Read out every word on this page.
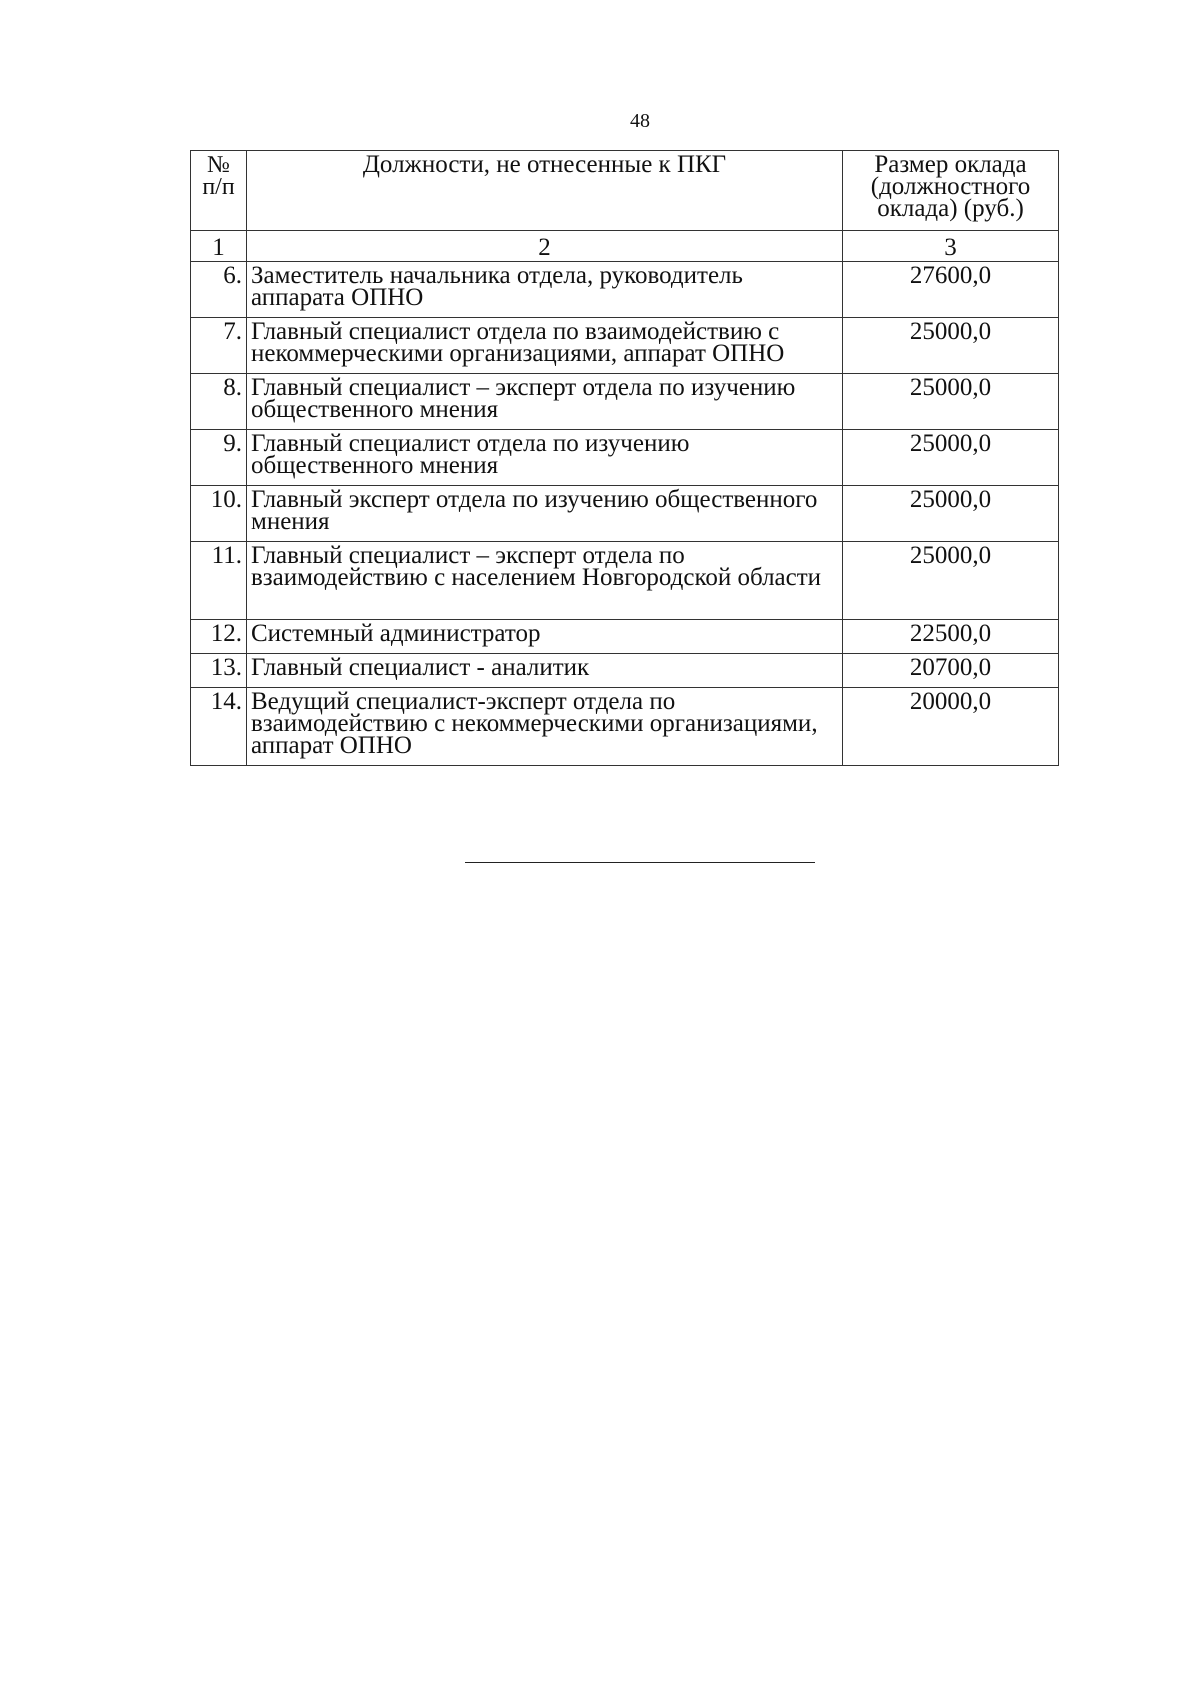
48
№ п/п	Должности, не отнесенные к ПКГ	Размер оклада (должностного оклада) (руб.)
1	2	3
6.	Заместитель начальника отдела, руководитель аппарата ОПНО	27600,0
7.	Главный специалист отдела по взаимодействию с некоммерческими организациями, аппарат ОПНО	25000,0
8.	Главный специалист – эксперт отдела по изучению общественного мнения	25000,0
9.	Главный специалист отдела по изучению общественного мнения	25000,0
10.	Главный эксперт отдела по изучению общественного мнения	25000,0
11.	Главный специалист – эксперт отдела по взаимодействию с населением Новгородской области	25000,0
12.	Системный администратор	22500,0
13.	Главный специалист - аналитик	20700,0
14.	Ведущий специалист-эксперт отдела по взаимодействию с некоммерческими организациями, аппарат ОПНО	20000,0
